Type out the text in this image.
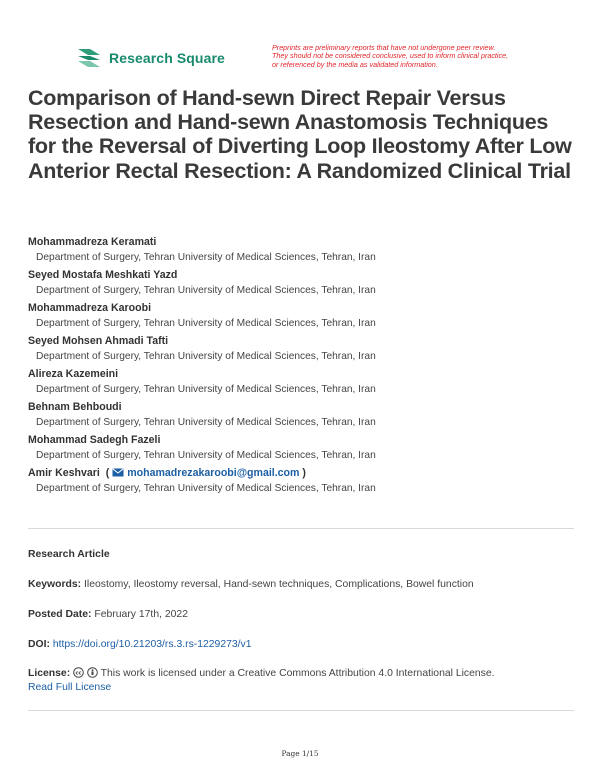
Research Square
Preprints are preliminary reports that have not undergone peer review.
They should not be considered conclusive, used to inform clinical practice,
or referenced by the media as validated information.
Comparison of Hand-sewn Direct Repair Versus Resection and Hand-sewn Anastomosis Techniques for the Reversal of Diverting Loop Ileostomy After Low Anterior Rectal Resection: A Randomized Clinical Trial
Mohammadreza Keramati
Department of Surgery, Tehran University of Medical Sciences, Tehran, Iran
Seyed Mostafa Meshkati Yazd
Department of Surgery, Tehran University of Medical Sciences, Tehran, Iran
Mohammadreza Karoobi
Department of Surgery, Tehran University of Medical Sciences, Tehran, Iran
Seyed Mohsen Ahmadi Tafti
Department of Surgery, Tehran University of Medical Sciences, Tehran, Iran
Alireza Kazemeini
Department of Surgery, Tehran University of Medical Sciences, Tehran, Iran
Behnam Behboudi
Department of Surgery, Tehran University of Medical Sciences, Tehran, Iran
Mohammad Sadegh Fazeli
Department of Surgery, Tehran University of Medical Sciences, Tehran, Iran
Amir Keshvari  ( mohamadrezakaroobi@gmail.com )
Department of Surgery, Tehran University of Medical Sciences, Tehran, Iran
Research Article
Keywords: Ileostomy, Ileostomy reversal, Hand-sewn techniques, Complications, Bowel function
Posted Date: February 17th, 2022
DOI: https://doi.org/10.21203/rs.3.rs-1229273/v1
License: cc This work is licensed under a Creative Commons Attribution 4.0 International License.
Read Full License
Page 1/15
